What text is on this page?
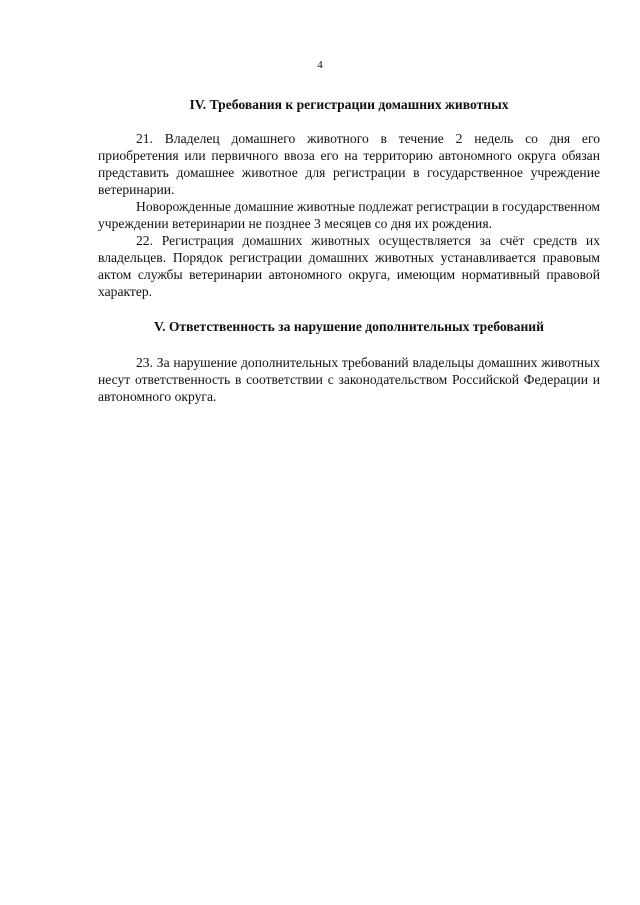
4

IV. Требования к регистрации домашних животных

21. Владелец домашнего животного в течение 2 недель со дня его приобретения или первичного ввоза его на территорию автономного округа обязан представить домашнее животное для регистрации в государственное учреждение ветеринарии.

Новорожденные домашние животные подлежат регистрации в государственном учреждении ветеринарии не позднее 3 месяцев со дня их рождения.

22. Регистрация домашних животных осуществляется за счёт средств их владельцев. Порядок регистрации домашних животных устанавливается правовым актом службы ветеринарии автономного округа, имеющим нормативный правовой характер.

V. Ответственность за нарушение дополнительных требований

23. За нарушение дополнительных требований владельцы домашних животных несут ответственность в соответствии с законодательством Российской Федерации и автономного округа.
